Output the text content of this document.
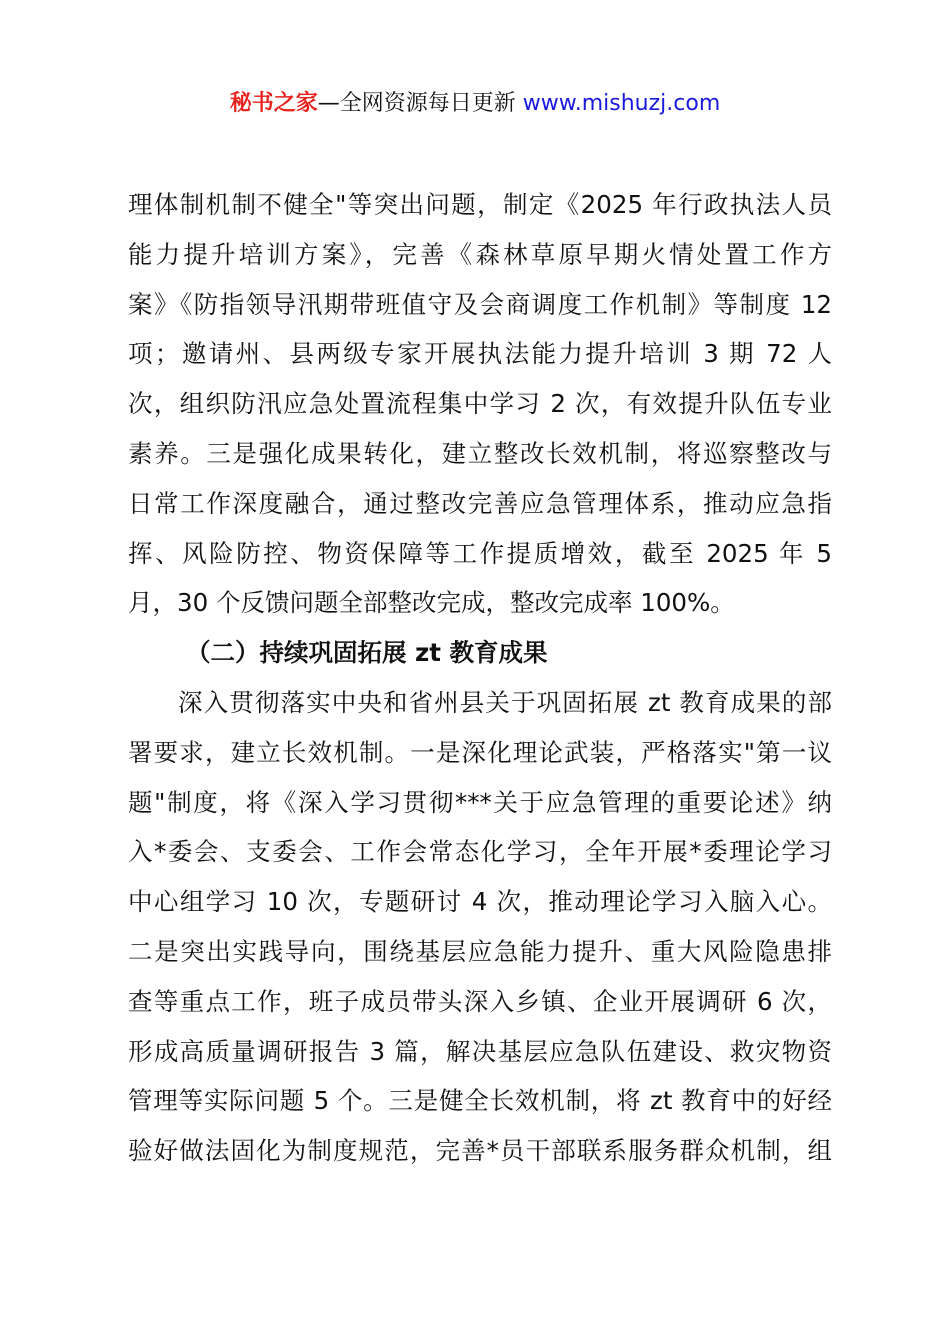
秘书之家—全网资源每日更新 www.mishuzj.com
理体制机制不健全"等突出问题，制定《2025 年行政执法人员
能力提升培训方案》，完善《森林草原早期火情处置工作方
案》《防指领导汛期带班值守及会商调度工作机制》等制度 12
项；邀请州、县两级专家开展执法能力提升培训 3 期 72 人
次，组织防汛应急处置流程集中学习 2 次，有效提升队伍专业
素养。三是强化成果转化，建立整改长效机制，将巡察整改与
日常工作深度融合，通过整改完善应急管理体系，推动应急指
挥、风险防控、物资保障等工作提质增效，截至 2025 年 5
月，30 个反馈问题全部整改完成，整改完成率 100%。
（二）持续巩固拓展 zt 教育成果
深入贯彻落实中央和省州县关于巩固拓展 zt 教育成果的部
署要求，建立长效机制。一是深化理论武装，严格落实"第一议
题"制度，将《深入学习贯彻***关于应急管理的重要论述》纳
入*委会、支委会、工作会常态化学习，全年开展*委理论学习
中心组学习 10 次，专题研讨 4 次，推动理论学习入脑入心。
二是突出实践导向，围绕基层应急能力提升、重大风险隐患排
查等重点工作，班子成员带头深入乡镇、企业开展调研 6 次，
形成高质量调研报告 3 篇，解决基层应急队伍建设、救灾物资
管理等实际问题 5 个。三是健全长效机制，将 zt 教育中的好经
验好做法固化为制度规范，完善*员干部联系服务群众机制，组
